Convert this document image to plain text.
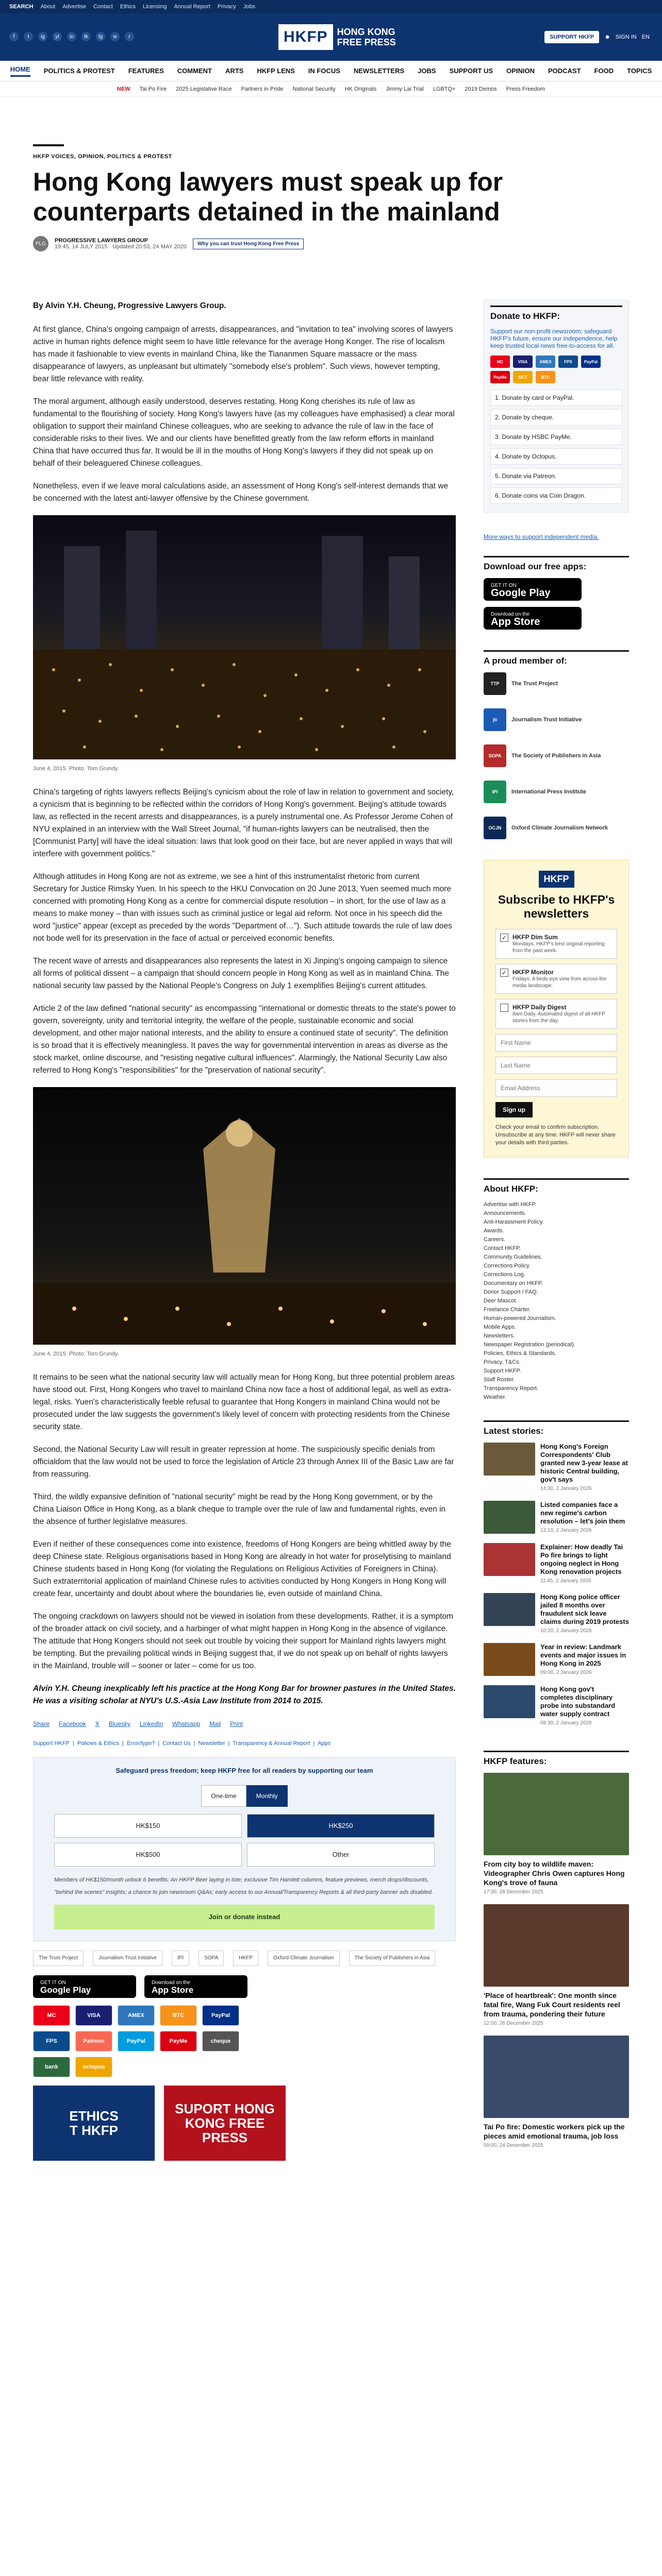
SEARCH About Advertise Contact Ethics Licensing Annual Report Privacy Jobs
f	t	ig	yt	in	tk	tg	w	r	HKFP	HONG KONG
FREE PRESS	SUPPORT HKFP	☻ SIGN IN EN
HOME POLITICS & PROTEST FEATURES COMMENT ARTS HKFP LENS IN FOCUS NEWSLETTERS JOBS SUPPORT US OPINION PODCAST FOOD TOPICS
NEW Tai Po Fire 2025 Legislative Race Partners in Pride National Security HK Originals Jimmy Lai Trial LGBTQ+ 2019 Demos Press Freedom
HKFP VOICES, OPINION, POLITICS & PROTEST
Hong Kong lawyers must speak up for counterparts detained in the mainland
PLG	PROGRESSIVE LAWYERS GROUP
19:45, 14 JULY 2015 · Updated 20:53, 24 MAY 2020	Why you can trust Hong Kong Free Press

By Alvin Y.H. Cheung, Progressive Lawyers Group.

At first glance, China's ongoing campaign of arrests, disappearances, and "invitation to tea" involving scores of lawyers active in human rights defence might seem to have little relevance for the average Hong Konger. The rise of localism has made it fashionable to view events in mainland China, like the Tiananmen Square massacre or the mass disappearance of lawyers, as unpleasant but ultimately "somebody else's problem". Such views, however tempting, bear little relevance with reality.

The moral argument, although easily understood, deserves restating. Hong Kong cherishes its rule of law as fundamental to the flourishing of society. Hong Kong's lawyers have (as my colleagues have emphasised) a clear moral obligation to support their mainland Chinese colleagues, who are seeking to advance the rule of law in the face of considerable risks to their lives. We and our clients have benefitted greatly from the law reform efforts in mainland China that have occurred thus far. It would be ill in the mouths of Hong Kong's lawyers if they did not speak up on behalf of their beleaguered Chinese colleagues.

Nonetheless, even if we leave moral calculations aside, an assessment of Hong Kong's self-interest demands that we be concerned with the latest anti-lawyer offensive by the Chinese government.

June 4, 2015. Photo: Tom Grundy.

China's targeting of rights lawyers reflects Beijing's cynicism about the role of law in relation to government and society, a cynicism that is beginning to be reflected within the corridors of Hong Kong's government. Beijing's attitude towards law, as reflected in the recent arrests and disappearances, is a purely instrumental one. As Professor Jerome Cohen of NYU explained in an interview with the Wall Street Journal, "if human-rights lawyers can be neutralised, then the [Communist Party] will have the ideal situation: laws that look good on their face, but are never applied in ways that will interfere with government politics."

Although attitudes in Hong Kong are not as extreme, we see a hint of this instrumentalist rhetoric from current Secretary for Justice Rimsky Yuen. In his speech to the HKU Convocation on 20 June 2013, Yuen seemed much more concerned with promoting Hong Kong as a centre for commercial dispute resolution – in short, for the use of law as a means to make money – than with issues such as criminal justice or legal aid reform. Not once in his speech did the word "justice" appear (except as preceded by the words "Department of…"). Such attitude towards the rule of law does not bode well for its preservation in the face of actual or perceived economic benefits.

The recent wave of arrests and disappearances also represents the latest in Xi Jinping's ongoing campaign to silence all forms of political dissent – a campaign that should concern people in Hong Kong as well as in mainland China. The national security law passed by the National People's Congress on July 1 exemplifies Beijing's current attitudes.

Article 2 of the law defined "national security" as encompassing "international or domestic threats to the state's power to govern, sovereignty, unity and territorial integrity, the welfare of the people, sustainable economic and social development, and other major national interests, and the ability to ensure a continued state of security". The definition is so broad that it is effectively meaningless. It paves the way for governmental intervention in areas as diverse as the stock market, online discourse, and "resisting negative cultural influences". Alarmingly, the National Security Law also referred to Hong Kong's "responsibilities" for the "preservation of national security".

June 4, 2015. Photo: Tom Grundy.

It remains to be seen what the national security law will actually mean for Hong Kong, but three potential problem areas have stood out. First, Hong Kongers who travel to mainland China now face a host of additional legal, as well as extra-legal, risks. Yuen's characteristically feeble refusal to guarantee that Hong Kongers in mainland China would not be prosecuted under the law suggests the government's likely level of concern with protecting residents from the Chinese security state.

Second, the National Security Law will result in greater repression at home. The suspiciously specific denials from officialdom that the law would not be used to force the legislation of Article 23 through Annex III of the Basic Law are far from reassuring.

Third, the wildly expansive definition of "national security" might be read by the Hong Kong government, or by the China Liaison Office in Hong Kong, as a blank cheque to trample over the rule of law and fundamental rights, even in the absence of further legislative measures.

Even if neither of these consequences come into existence, freedoms of Hong Kongers are being whittled away by the deep Chinese state. Religious organisations based in Hong Kong are already in hot water for proselytising to mainland Chinese students based in Hong Kong (for violating the Regulations on Religious Activities of Foreigners in China). Such extraterritorial application of mainland Chinese rules to activities conducted by Hong Kongers in Hong Kong will create fear, uncertainty and doubt about where the boundaries lie, even outside of mainland China.

The ongoing crackdown on lawyers should not be viewed in isolation from these developments. Rather, it is a symptom of the broader attack on civil society, and a harbinger of what might happen in Hong Kong in the absence of vigilance. The attitude that Hong Kongers should not seek out trouble by voicing their support for Mainland rights lawyers might be tempting. But the prevailing political winds in Beijing suggest that, if we do not speak up on behalf of rights lawyers in the Mainland, trouble will – sooner or later – come for us too.

Alvin Y.H. Cheung inexplicably left his practice at the Hong Kong Bar for browner pastures in the United States. He was a visiting scholar at NYU's U.S.-Asia Law Institute from 2014 to 2015.

Share Facebook X Bluesky LinkedIn Whatsapp Mail Print
Support HKFP | Policies & Ethics | Error/typo? | Contact Us | Newsletter | Transparency & Annual Report | Apps
Safeguard press freedom; keep HKFP free for all readers by supporting our team
One-time	Monthly
HK$150	HK$250
HK$500	Other
Members of HK$150/month unlock 6 benefits: An HKFP Beer laying in tote; exclusive Tim Hamlett columns, feature previews, merch drops/discounts, "behind the scenes" insights; a chance to join newsroom Q&As; early access to our Annual/Transparency Reports & all third-party banner ads disabled.
Join or donate instead
The Trust Project	Journalism Trust Initiative	IPI	SOPA	HKFP	Oxford Climate Journalism	The Society of Publishers in Asia
GET IT ON
Google Play
Download on the
App Store
MC	VISA	AMEX	BTC	PayPal
FPS	Patreon	PayPal	PayMe	cheque
bank	octopus
ETHICS
T HKFP
SUPORT HONG
KONG FREE PRESS
Donate to HKFP:
Support our non-profit newsroom; safeguard HKFP's future, ensure our independence, help keep trusted local news free-to-access for all.
MC	VISA	AMEX	FPS	PayPal
PayMe	OCT	BTC
1. Donate by card or PayPal.
2. Donate by cheque.
3. Donate by HSBC PayMe.
4. Donate by Octopus.
5. Donate via Patreon.
6. Donate coins via Coin Dragon.
More ways to support independent media.
Download our free apps:
GET IT ON
Google Play
Download on the
App Store
A proud member of:
TTP	The Trust Project
jti	Journalism Trust Initiative
SOPA	The Society of Publishers in Asia
IPI	International Press Institute
OCJN	Oxford Climate Journalism Network
HKFP
Subscribe to HKFP's newsletters
✓ HKFP Dim Sum

Mondays. HKFP's best original reporting from the past week.

✓ HKFP Monitor

Fridays. A birds-eye view from across the media landscape.

HKFP Daily Digest

8am Daily. Automated digest of all HKFP stories from the day.

First Name Last Name Email Address Sign up

Check your email to confirm subscription. Unsubscribe at any time. HKFP will never share your details with third parties.

About HKFP:
Advertise with HKFP.
Announcements.
Anti-Harassment Policy.
Awards.
Careers.
Contact HKFP.
Community Guidelines.
Corrections Policy.
Corrections Log.
Documentary on HKFP.
Donor Support / FAQ.
Deer Mascot.
Freelance Charter.
Human-powered Journalism.
Mobile Apps.
Newsletters.
Newspaper Registration (periodical).
Policies, Ethics & Standards.
Privacy, T&Cs.
Support HKFP.
Staff Roster.
Transparency Report.
Weather.
Latest stories:
Hong Kong's Foreign Correspondents' Club granted new 3-year lease at historic Central building, gov't says

14:30, 2 January 2026

Listed companies face a new regime's carbon resolution – let's join them

13:10, 2 January 2026

Explainer: How deadly Tai Po fire brings to light ongoing neglect in Hong Kong renovation projects

11:45, 2 January 2026

Hong Kong police officer jailed 8 months over fraudulent sick leave claims during 2019 protests

10:20, 2 January 2026

Year in review: Landmark events and major issues in Hong Kong in 2025

09:00, 2 January 2026

Hong Kong gov't completes disciplinary probe into substandard water supply contract

08:30, 2 January 2026

HKFP features:
From city boy to wildlife maven: Videographer Chris Owen captures Hong Kong's trove of fauna

17:00, 28 December 2025

'Place of heartbreak': One month since fatal fire, Wang Fuk Court residents reel from trauma, pondering their future

12:00, 26 December 2025

Tai Po fire: Domestic workers pick up the pieces amid emotional trauma, job loss

09:00, 24 December 2025
